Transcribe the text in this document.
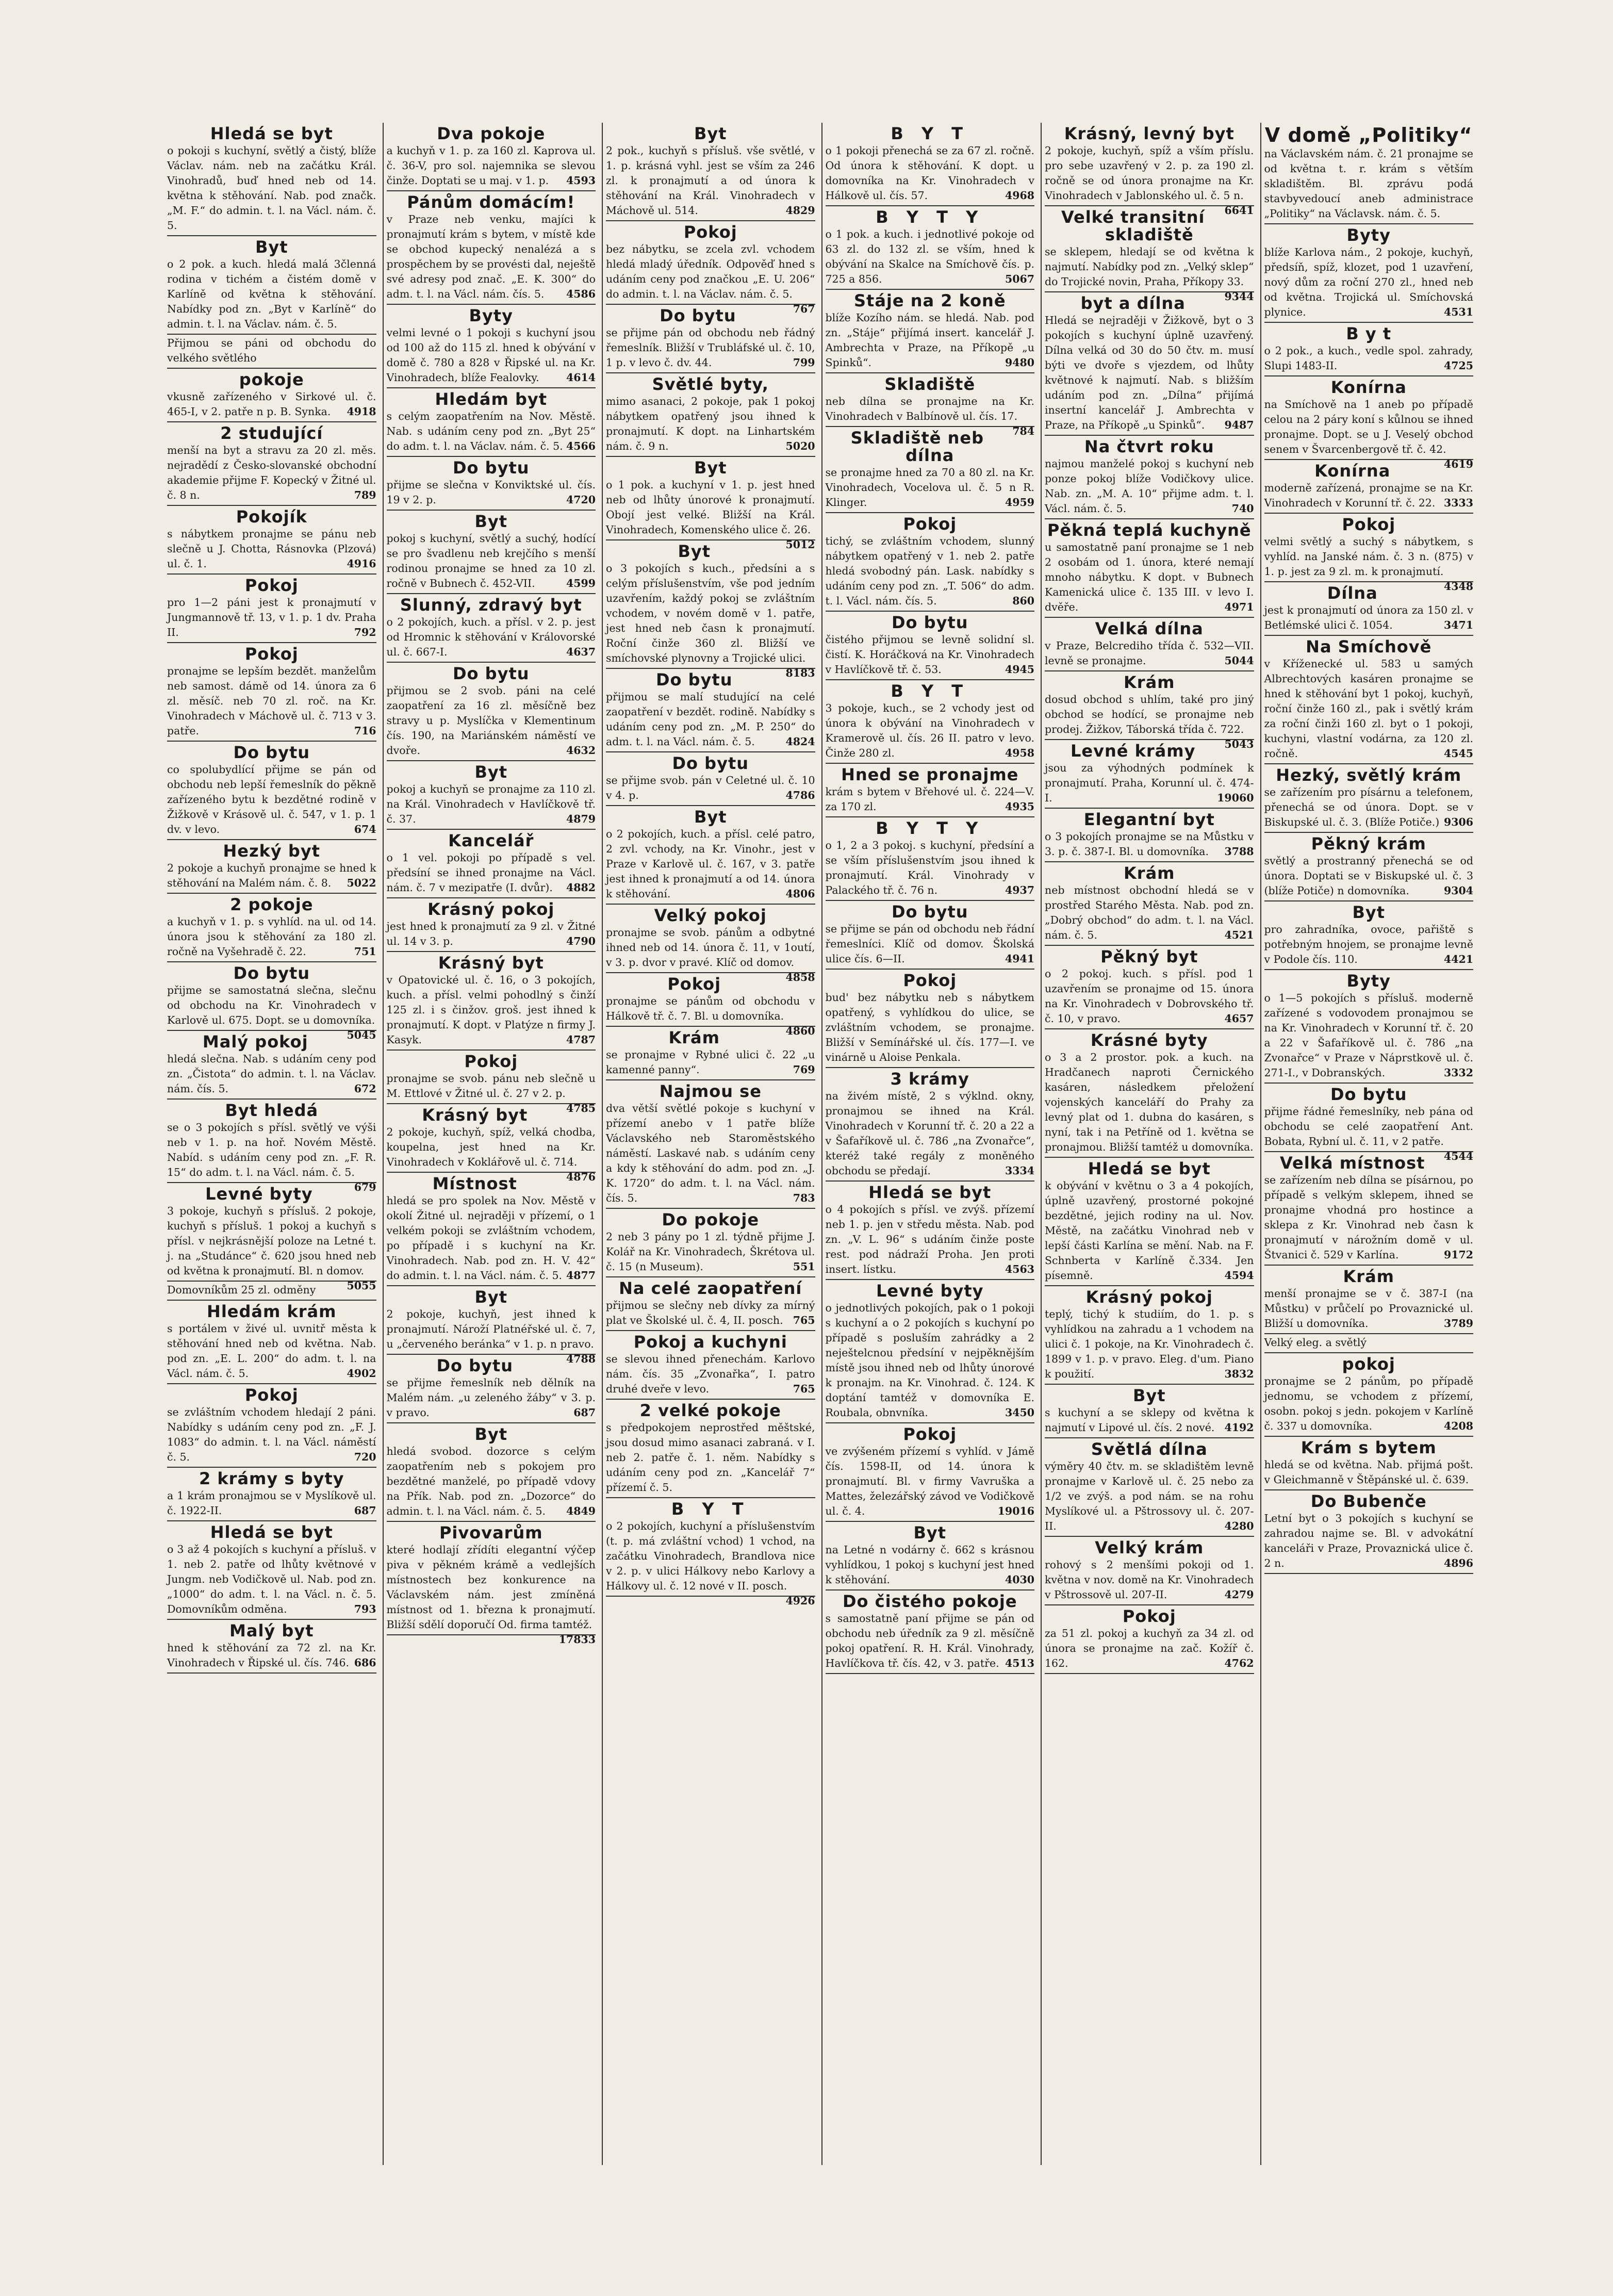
Hledá se byt

o pokoji s kuchyní, světlý a čistý, blíže Václav. nám. neb na začátku Král. Vinohradů, buď hned neb od 14. května k stěhování. Nab. pod značk. „M. F.“ do admin. t. l. na Václ. nám. č. 5.

Byt

o 2 pok. a kuch. hledá malá 3členná rodina v tichém a čistém domě v Karlíně od května k stěhování. Nabídky pod zn. „Byt v Karlíně“ do admin. t. l. na Václav. nám. č. 5.

Přijmou se páni od obchodu do velkého světlého

pokoje

vkusně zařízeného v Sirkové ul. č. 465-I, v 2. patře n p. B. Synka. 4918

2 studující

menší na byt a stravu za 20 zl. měs. nejradědí z Česko-slovanské obchodní akademie přijme F. Kopecký v Žitné ul. č. 8 n.	789

Pokojík

s nábytkem pronajme se pánu neb slečně u J. Chotta, Rásnovka (Plzová) ul. č. 1.	4916

Pokoj

pro 1—2 páni jest k pronajmutí v Jungmannově tř. 13, v 1. p. 1 dv. Praha II.	792

Pokoj

pronajme se lepším bezdět. manželům neb samost. dámě od 14. února za 6 zl. měsíč. neb 70 zl. roč. na Kr. Vinohradech v Máchově ul. č. 713 v 3. patře.	716

Do bytu

co spolubydlící přijme se pán od obchodu neb lepší řemeslník do pěkně zařízeného bytu k bezdětné rodině v Žižkově v Krásově ul. č. 547, v 1. p. 1 dv. v levo.	674

Hezký byt

2 pokoje a kuchyň pronajme se hned k stěhování na Malém nám. č. 8. 5022

2 pokoje

a kuchyň v 1. p. s vyhlíd. na ul. od 14. února jsou k stěhování za 180 zl. ročně na Vyšehradě č. 22.	751

Do bytu

přijme se samostatná slečna, slečnu od obchodu na Kr. Vinohradech v Karlově ul. 675. Dopt. se u domovníka.
5045

Malý pokoj

hledá slečna. Nab. s udáním ceny pod zn. „Čistota“ do admin. t. l. na Václav. nám. čís. 5.	672

Byt hledá

se o 3 pokojích s přísl. světlý ve výši neb v 1. p. na hoř. Novém Městě. Nabíd. s udáním ceny pod zn. „F. R. 15“ do adm. t. l. na Václ. nám. č. 5.
679

Levné byty

3 pokoje, kuchyň s přísluš. 2 pokoje, kuchyň s přísluš. 1 pokoj a kuchyň s přísl. v nejkrásnější poloze na Letné t. j. na „Studánce“ č. 620 jsou hned neb od května k pronajmutí. Bl. n domov.
5055

Domovníkům 25 zl. odměny

Hledám krám

s portálem v živé ul. uvnitř města k stěhování hned neb od května. Nab. pod zn. „E. L. 200“ do adm. t. l. na Václ. nám. č. 5.	4902

Pokoj

se zvláštním vchodem hledají 2 páni. Nabídky s udáním ceny pod zn. „F. J. 1083“ do admin. t. l. na Václ. náměstí č. 5.	720

2 krámy s byty

a 1 krám pronajmou se v Myslíkově ul. č. 1922-II.	687

Hledá se byt

o 3 až 4 pokojích s kuchyní a přísluš. v 1. neb 2. patře od lhůty květnové v Jungm. neb Vodičkově ul. Nab. pod zn. „1000“ do adm. t. l. na Václ. n. č. 5. Domovníkům odměna.	793

Malý byt

hned k stěhování za 72 zl. na Kr. Vinohradech v Řipské ul. čís. 746. 686

Dva pokoje

a kuchyň v 1. p. za 160 zl. Kaprova ul. č. 36-V, pro sol. najemnika se slevou činže. Doptati se u maj. v 1. p. 4593

Pánům domácím!

v Praze neb venku, majíci k pronajmutí krám s bytem, v místě kde se obchod kupecký nenalézá a s prospěchem by se provésti dal, neještě své adresy pod znač. „E. K. 300“ do adm. t. l. na Václ. nám. čís. 5. 4586

Byty

velmi levné o 1 pokoji s kuchyní jsou od 100 až do 115 zl. hned k obývání v domě č. 780 a 828 v Řipské ul. na Kr. Vinohradech, blíže Fealovky.	4614

Hledám byt

s celým zaopatřením na Nov. Městě. Nab. s udáním ceny pod zn. „Byt 25“ do adm. t. l. na Václav. nám. č. 5. 4566

Do bytu

přijme se slečna v Konviktské ul. čís. 19 v 2. p.	4720

Byt

pokoj s kuchyní, světlý a suchý, hodící se pro švadlenu neb krejčího s menší rodinou pronajme se hned za 10 zl. ročně v Bubnech č. 452-VII.	4599

Slunný, zdravý byt

o 2 pokojích, kuch. a přísl. v 2. p. jest od Hromnic k stěhování v Královorské ul. č. 667-I.	4637

Do bytu

přijmou se 2 svob. páni na celé zaopatření za 16 zl. měsíčně bez stravy u p. Myslíčka v Klementinum čís. 190, na Mariánském náměstí ve dvoře.	4632

Byt

pokoj a kuchyň se pronajme za 110 zl. na Král. Vinohradech v Havlíčkově tř. č. 37.	4879

Kancelář

o 1 vel. pokoji po případě s vel. předsíní se ihned pronajme na Václ. nám. č. 7 v mezipatře (I. dvůr). 4882

Krásný pokoj

jest hned k pronajmutí za 9 zl. v Žitné ul. 14 v 3. p.	4790

Krásný byt

v Opatovické ul. č. 16, o 3 pokojích, kuch. a přísl. velmi pohodlný s činží 125 zl. i s činžov. groš. jest ihned k pronajmutí. K dopt. v Platýze n firmy J. Kasyk.	4787

Pokoj

pronajme se svob. pánu neb slečně u M. Ettlové v Žitné ul. č. 27 v 2. p.
4785

Krásný byt

2 pokoje, kuchyň, spíž, velká chodba, koupelna, jest hned na Kr. Vinohradech v Koklářově ul. č. 714.
4876

Místnost

hledá se pro spolek na Nov. Městě v okolí Žitné ul. nejraději v přízemí, o 1 velkém pokoji se zvláštním vchodem, po případě i s kuchyní na Kr. Vinohradech. Nab. pod zn. H. V. 42“ do admin. t. l. na Václ. nám. č. 5. 4877

Byt

2 pokoje, kuchyň, jest ihned k pronajmutí. Nároží Platnéřské ul. č. 7, u „červeného beránka“ v 1. p. n pravo.
4788

Do bytu

se přijme řemeslník neb dělník na Malém nám. „u zeleného žáby“ v 3. p. v pravo.	687

Byt

hledá svobod. dozorce s celým zaopatřením neb s pokojem pro bezdětné manželé, po případě vdovy na Přík. Nab. pod zn. „Dozorce“ do admin. t. l. na Václ. nám. č. 5. 4849

Pivovarům

které hodlají zřídíti elegantní výčep piva v pěkném krámě a vedlejších místnostech bez konkurence na Václavském nám. jest zmíněná místnost od 1. března k pronajmutí. Bližší sdělí doporučí Od. firma tamtéž.
17833

Byt

2 pok., kuchyň s přísluš. vše světlé, v 1. p. krásná vyhl. jest se vším za 246 zl. k pronajmutí a od února k stěhování na Král. Vinohradech v Máchově ul. 514.	4829

Pokoj

bez nábytku, se zcela zvl. vchodem hledá mladý úředník. Odpověď hned s udáním ceny pod značkou „E. U. 206“ do admin. t. l. na Václav. nám. č. 5.
767

Do bytu

se přijme pán od obchodu neb řádný řemeslník. Bližší v Trubláfské ul. č. 10, 1 p. v levo č. dv. 44.	799

Světlé byty,

mimo asanaci, 2 pokoje, pak 1 pokoj nábytkem opatřený jsou ihned k pronajmutí. K dopt. na Linhartském nám. č. 9 n.	5020

Byt

o 1 pok. a kuchyní v 1. p. jest hned neb od lhůty únorové k pronajmutí. Obojí jest velké. Bližší na Král. Vinohradech, Komenského ulice č. 26.
5012

Byt

o 3 pokojích s kuch., předsíni a s celým příslušenstvím, vše pod jedním uzavřením, každý pokoj se zvláštním vchodem, v novém domě v 1. patře, jest hned neb časn k pronajmutí. Roční činže 360 zl. Bližší ve smíchovské plynovny a Trojické ulici.
8183

Do bytu

přijmou se malí studující na celé zaopatření v bezdět. rodině. Nabídky s udáním ceny pod zn. „M. P. 250“ do adm. t. l. na Václ. nám. č. 5.	4824

Do bytu

se přijme svob. pán v Celetné ul. č. 10 v 4. p.	4786

Byt

o 2 pokojích, kuch. a přísl. celé patro, 2 zvl. vchody, na Kr. Vinohr., jest v Praze v Karlově ul. č. 167, v 3. patře jest ihned k pronajmutí a od 14. února k stěhování.	4806

Velký pokoj

pronajme se svob. pánům a odbytné ihned neb od 14. února č. 11, v 1outí, v 3. p. dvor v pravé. Klíč od domov.
4858

Pokoj

pronajme se pánům od obchodu v Hálkově tř. č. 7. Bl. u domovníka.
4860

Krám

se pronajme v Rybné ulici č. 22 „u kamenné panny“.	769

Najmou se

dva větší světlé pokoje s kuchyní v přízemí anebo v 1 patře blíže Václavského neb Staroměstského náměstí. Laskavé nab. s udáním ceny a kdy k stěhování do adm. pod zn. „J. K. 1720“ do adm. t. l. na Václ. nám. čís. 5.	783

Do pokoje

2 neb 3 pány po 1 zl. týdně přijme J. Kolář na Kr. Vinohradech, Škrétova ul. č. 15 (n Museum).	551

Na celé zaopatření

přijmou se slečny neb dívky za mírný plat ve Školské ul. č. 4, II. posch. 765

Pokoj a kuchyni

se slevou ihned přenechám. Karlovo nám. čís. 35 „Zvonařka“, I. patro druhé dveře v levo.	765

2 velké pokoje

s předpokojem neprostřed měštské, jsou dosud mimo asanaci zabraná. v I. neb 2. patře č. 1. něm. Nabídky s udáním ceny pod zn. „Kancelář 7“ přízemí č. 5.

B Y T

o 2 pokojích, kuchyní a příslušenstvím (t. p. má zvláštní vchod) 1 vchod, na začátku Vinohradech, Brandlova nice v 2. p. v ulici Hálkovy nebo Karlovy a Hálkovy ul. č. 12 nové v II. posch.
4926

B Y T

o 1 pokoji přenechá se za 67 zl. ročně. Od února k stěhování. K dopt. u domovníka na Kr. Vinohradech v Hálkově ul. čís. 57.	4968

B Y T Y

o 1 pok. a kuch. i jednotlivé pokoje od 63 zl. do 132 zl. se vším, hned k obývání na Skalce na Smíchově čís. p. 725 a 856.	5067

Stáje na 2 koně

blíže Kozího nám. se hledá. Nab. pod zn. „Stáje“ přijímá insert. kancelář J. Ambrechta v Praze, na Příkopě „u Spinků“.	9480

Skladiště

neb dílna se pronajme na Kr. Vinohradech v Balbínově ul. čís. 17.
784

Skladiště neb dílna

se pronajme hned za 70 a 80 zl. na Kr. Vinohradech, Vocelova ul. č. 5 n R. Klinger.	4959

Pokoj

tichý, se zvláštním vchodem, slunný nábytkem opatřený v 1. neb 2. patře hledá svobodný pán. Lask. nabídky s udáním ceny pod zn. „T. 506“ do adm. t. l. Václ. nám. čís. 5.	860

Do bytu

čistého přijmou se levně solidní sl. čistí. K. Horáčková na Kr. Vinohradech v Havlíčkově tř. č. 53.	4945

B Y T

3 pokoje, kuch., se 2 vchody jest od února k obývání na Vinohradech v Kramerově ul. čís. 26 II. patro v levo. Činže 280 zl.	4958

Hned se pronajme

krám s bytem v Břehové ul. č. 224—V. za 170 zl.	4935

B Y T Y

o 1, 2 a 3 pokoj. s kuchyní, předsíní a se vším příslušenstvím jsou ihned k pronajmutí. Král. Vinohrady v Palackého tř. č. 76 n.	4937

Do bytu

se přijme se pán od obchodu neb řádní řemeslníci. Klíč od domov. Školská ulice čís. 6—II.	4941

Pokoj

bud' bez nábytku neb s nábytkem opatřený, s vyhlídkou do ulice, se zvláštním vchodem, se pronajme. Bližší v Semínářské ul. čís. 177—I. ve vinárně u Aloise Penkala.

3 krámy

na živém místě, 2 s výklnd. okny, pronajmou se ihned na Král. Vinohradech v Korunní tř. č. 20 a 22 a v Šafaříkově ul. č. 786 „na Zvonařce“, kteréž také regály z moněného obchodu se předají.	3334

Hledá se byt

o 4 pokojích s přísl. ve zvýš. přízemí neb 1. p. jen v středu města. Nab. pod zn. „V. L. 96“ s udáním činže poste rest. pod nádraží Proha. Jen proti insert. lístku.	4563

Levné byty

o jednotlivých pokojích, pak o 1 pokoji s kuchyní a o 2 pokojích s kuchyní po případě s posluším zahrádky a 2 neještelcnou předsíní v nejpěknějším místě jsou ihned neb od lhůty únorové k pronajm. na Kr. Vinohrad. č. 124. K doptání tamtéž v domovníka E. Roubala, obnvníka.	3450

Pokoj

ve zvýšeném přízemí s vyhlíd. v Jámě čís. 1598-II, od 14. února k pronajmutí. Bl. v firmy Vavruška a Mattes, železářský závod ve Vodičkově ul. č. 4.	19016

Byt

na Letné n vodárny č. 662 s krásnou vyhlídkou, 1 pokoj s kuchyní jest hned k stěhování.	4030

Do čistého pokoje

s samostatně paní přijme se pán od obchodu neb úředník za 9 zl. měsíčně pokoj opatření. R. H. Král. Vinohrady, Havlíčkova tř. čís. 42, v 3. patře. 4513

Krásný, levný byt

2 pokoje, kuchyň, spíž a vším příslu. pro sebe uzavřený v 2. p. za 190 zl. ročně se od února pronajme na Kr. Vinohradech v Jablonského ul. č. 5 n.
6641

Velké transitní skladiště

se sklepem, hledají se od května k najmutí. Nabídky pod zn. „Velký sklep“ do Trojické novin, Praha, Příkopy 33.
9344

byt a dílna

Hledá se nejraději v Žižkově, byt o 3 pokojích s kuchyní úplně uzavřený. Dílna velká od 30 do 50 čtv. m. musí býti ve dvoře s vjezdem, od lhůty květnové k najmutí. Nab. s bližším udáním pod zn. „Dílna“ přijímá insertní kancelář J. Ambrechta v Praze, na Příkopě „u Spinků“. 9487

Na čtvrt roku

najmou manželé pokoj s kuchyní neb ponze pokoj blíže Vodičkovy ulice. Nab. zn. „M. A. 10“ přijme adm. t. l. Václ. nám. č. 5.	740

Pěkná teplá kuchyně

u samostatně paní pronajme se 1 neb 2 osobám od 1. února, které nemají mnoho nábytku. K dopt. v Bubnech Kamenická ulice č. 135 III. v levo I. dvěře.	4971

Velká dílna

v Praze, Belcrediho třída č. 532—VII. levně se pronajme.	5044

Krám

dosud obchod s uhlím, také pro jiný obchod se hodící, se pronajme neb prodej. Žižkov, Táborská třída č. 722.
5043

Levné krámy

jsou za výhodných podmínek k pronajmutí. Praha, Korunní ul. č. 474-I.	19060

Elegantní byt

o 3 pokojích pronajme se na Můstku v 3. p. č. 387-I. Bl. u domovníka. 3788

Krám

neb místnost obchodní hledá se v prostřed Starého Města. Nab. pod zn. „Dobrý obchod“ do adm. t. l. na Václ. nám. č. 5.	4521

Pěkný byt

o 2 pokoj. kuch. s přísl. pod 1 uzavřením se pronajme od 15. února na Kr. Vinohradech v Dobrovského tř. č. 10, v pravo.	4657

Krásné byty

o 3 a 2 prostor. pok. a kuch. na Hradčanech naproti Černického kasáren, následkem přeložení vojenských kanceláří do Prahy za levný plat od 1. dubna do kasáren, s nyní, tak i na Petříně od 1. května se pronajmou. Bližší tamtéž u domovníka.

Hledá se byt

k obývání v květnu o 3 a 4 pokojích, úplně uzavřený, prostorné pokojné bezdětné, jejich rodiny na ul. Nov. Městě, na začátku Vinohrad neb v lepší části Karlína se mění. Nab. na F. Schnberta v Karlíně č.334. Jen písemně.	4594

Krásný pokoj

teplý, tichý k studiím, do 1. p. s vyhlídkou na zahradu a 1 vchodem na ulici č. 1 pokoje, na Kr. Vinohradech č. 1899 v 1. p. v pravo. Eleg. d'um. Piano k použití.	3832

Byt

s kuchyní a se sklepy od května k najmutí v Lipové ul. čís. 2 nové. 4192

Světlá dílna

výměry 40 čtv. m. se skladištěm levně pronajme v Karlově ul. č. 25 nebo za 1/2 ve zvýš. a pod nám. se na rohu Myslíkové ul. a Pštrossovy ul. č. 207-II.	4280

Velký krám

rohový s 2 menšími pokoji od 1. května v nov. domě na Kr. Vinohradech v Pštrossově ul. 207-II.	4279

Pokoj

za 51 zl. pokoj a kuchyň za 34 zl. od února se pronajme na zač. Kožíř č. 162.	4762

V domě „Politiky“

na Václavském nám. č. 21 pronajme se od května t. r. krám s větším skladištěm. Bl. zprávu podá stavbyvedoucí aneb administrace „Politiky“ na Václavsk. nám. č. 5.

Byty

blíže Karlova nám., 2 pokoje, kuchyň, předsíň, spíž, klozet, pod 1 uzavření, nový dům za roční 270 zl., hned neb od května. Trojická ul. Smíchovská plynice.	4531

B y t

o 2 pok., a kuch., vedle spol. zahrady, Slupi 1483-II.	4725

Konírna

na Smíchově na 1 aneb po případě celou na 2 páry koní s kůlnou se ihned pronajme. Dopt. se u J. Veselý obchod senem v Švarcenbergově tř. č. 42.
4619

Konírna

moderně zařízená, pronajme se na Kr. Vinohradech v Korunní tř. č. 22. 3333

Pokoj

velmi světlý a suchý s nábytkem, s vyhlíd. na Janské nám. č. 3 n. (875) v 1. p. jest za 9 zl. m. k pronajmutí.
4348

Dílna

jest k pronajmutí od února za 150 zl. v Betlémské ulici č. 1054.	3471

Na Smíchově

v Kříženecké ul. 583 u samých Albrechtových kasáren pronajme se hned k stěhování byt 1 pokoj, kuchyň, roční činže 160 zl., pak i světlý krám za roční činži 160 zl. byt o 1 pokoji, kuchyni, vlastní vodárna, za 120 zl. ročně.	4545

Hezký, světlý krám

se zařízením pro písárnu a telefonem, přenechá se od února. Dopt. se v Biskupské ul. č. 3. (Blíže Potiče.) 9306

Pěkný krám

světlý a prostranný přenechá se od února. Doptati se v Biskupské ul. č. 3 (blíže Potiče) n domovníka.	9304

Byt

pro zahradníka, ovoce, pařiště s potřebným hnojem, se pronajme levně v Podole čís. 110.	4421

Byty

o 1—5 pokojích s přísluš. moderně zařízené s vodovodem pronajmou se na Kr. Vinohradech v Korunní tř. č. 20 a 22 v Šafaříkově ul. č. 786 „na Zvonařce“ v Praze v Náprstkově ul. č. 271-I., v Dobranských.	3332

Do bytu

přijme řádné řemeslníky, neb pána od obchodu se celé zaopatření Ant. Bobata, Rybní ul. č. 11, v 2 patře.
4544

Velká místnost

se zařízením neb dílna se písárnou, po případě s velkým sklepem, ihned se pronajme vhodná pro hostince a sklepa z Kr. Vinohrad neb časn k pronajmutí v nárožním domě v ul. Štvanici č. 529 v Karlína.	9172

Krám

menší pronajme se v č. 387-I (na Můstku) v průčelí po Provaznické ul. Bližší u domovníka.	3789

Velký eleg. a světlý

pokoj

pronajme se 2 pánům, po případě jednomu, se vchodem z přízemí, osobn. pokoj s jedn. pokojem v Karlíně č. 337 u domovníka.	4208

Krám s bytem

hledá se od května. Nab. přijmá pošt. v Gleichmanně v Štěpánské ul. č. 639.

Do Bubenče

Letní byt o 3 pokojích s kuchyní se zahradou najme se. Bl. v advokátní kanceláři v Praze, Provaznická ulice č. 2 n.	4896
